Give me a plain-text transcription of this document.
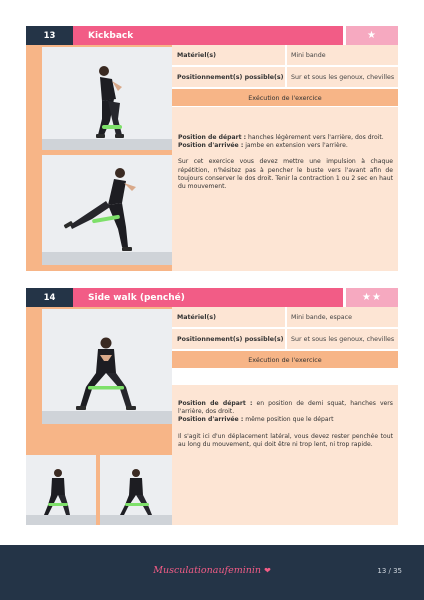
13	Kickback	★
Matériel(s)	Mini bande
Positionnement(s) possible(s)	Sur et sous les genoux, chevilles
Exécution de l'exercice
Position de départ : hanches légèrement vers l'arrière, dos droit.
Position d'arrivée : jambe en extension vers l'arrière.
Sur cet exercice vous devez mettre une impulsion à chaque répétition, n'hésitez pas à pencher le buste vers l'avant afin de toujours conserver le dos droit. Tenir la contraction 1 ou 2 sec en haut du mouvement.
14	Side walk (penché)	★★
Matériel(s)	Mini bande, espace
Positionnement(s) possible(s)	Sur et sous les genoux, chevilles
Exécution de l'exercice
Position de départ : en position de demi squat, hanches vers l'arrière, dos droit.
Position d'arrivée : même position que le départ
Il s'agit ici d'un déplacement latéral, vous devez rester penchée tout au long du mouvement, qui doit être ni trop lent, ni trop rapide.
Musculationaufeminin ❤	13 / 35
